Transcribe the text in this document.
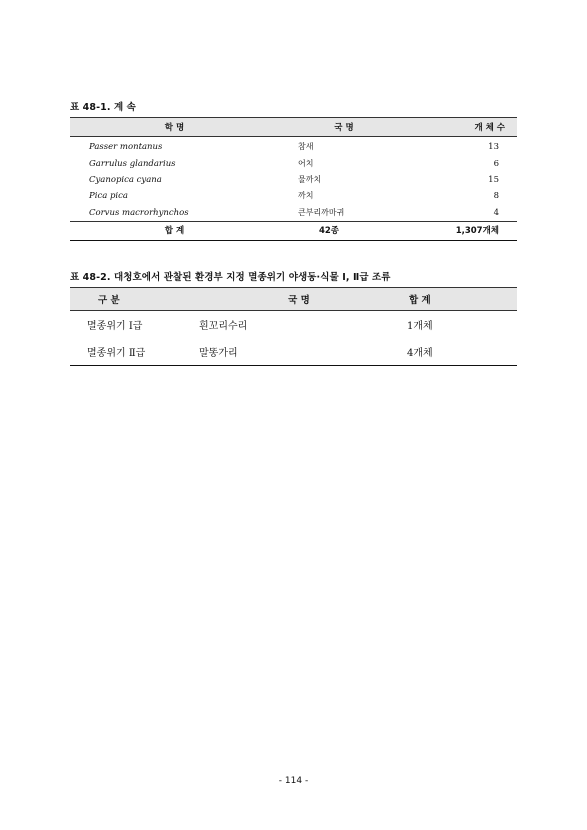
표 48-1. 계 속
학 명	국 명	개 체 수
Passer montanus	참새	13
Garrulus glandarius	어치	6
Cyanopica cyana	물까치	15
Pica pica	까치	8
Corvus macrorhynchos	큰부리까마귀	4
합 계	42종	1,307개체
표 48-2. 대청호에서 관찰된 환경부 지정 멸종위기 야생동·식물 Ⅰ, Ⅱ급 조류
구 분	국 명	합 계
멸종위기 Ⅰ급	흰꼬리수리	1개체
멸종위기 Ⅱ급	말똥가리	4개체
- 114 -
